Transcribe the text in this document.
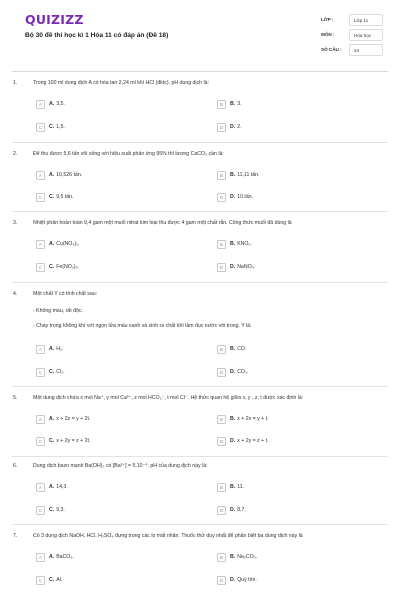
QUIZIZZ
Bộ 30 đề thi học kì 1 Hóa 11 có đáp án (Đề 18)
LỚP :	Lớp 11
MÔN :	Hóa học
SỐ CÂU :	24
1.	Trong 100 ml dung dịch A có hòa tan 2,24 ml khí HCl (đktc). pH dung dịch là:
A	A. 3,5.	B	B. 3.
C	C. 1,5.	D	D. 2.
2.	Để thu được 5,6 tấn vôi sống với hiệu suất phản ứng 95% thì lượng CaCO₃ cần là:
A	A. 10,526 tấn.	B	B. 11,11 tấn.
C	C. 9,5 tấn.	D	D. 10 tấn.
3.	Nhiệt phân hoàn toàn 9,4 gam một muối nitrat kim loại thu được 4 gam một chất rắn. Công thức muối đã dùng là
A	A. Cu(NO₃)₂.	B	B. KNO₃.
C	C. Fe(NO₃)₃.	D	D. NaNO₃.
4.	Một chất Y có tính chất sau:
- Không màu, rất độc.
- Cháy trong không khí với ngọn lửa màu xanh và sinh ra chất khí làm đục nước vôi trong. Y là:
A	A. H₂.	B	B. CO.
C	C. Cl₂.	D	D. CO₂.
5.	Một dung dịch chứa x mol Na⁺, y mol Ca²⁺, z mol HCO₃⁻, t mol Cl⁻. Hệ thức quan hệ giữa x, y , z, t được xác định là:
A	A. x + 2z = y + 2t.	B	B. z + 2x = y + t.
C	C. x + 2y = z + 2t.	D	D. x + 2y = z + t.
6.	Dung dịch bazo mạnh Ba(OH)₂ có [Ba²⁺] = 5.10⁻⁴. pH của dung dịch này là:
A	A. 14,3.	B	B. 11.
C	C. 9,3.	D	D. 8,7.
7.	Có 3 dung dịch NaOH, HCl, H₂SO₄ đựng trong các lọ mất nhãn. Thuốc thử duy nhất để phân biệt ba dung dịch này là
A	A. BaCO₃.	B	B. Na₂CO₃.
C	C. Al.	D	D. Quỳ tím.
